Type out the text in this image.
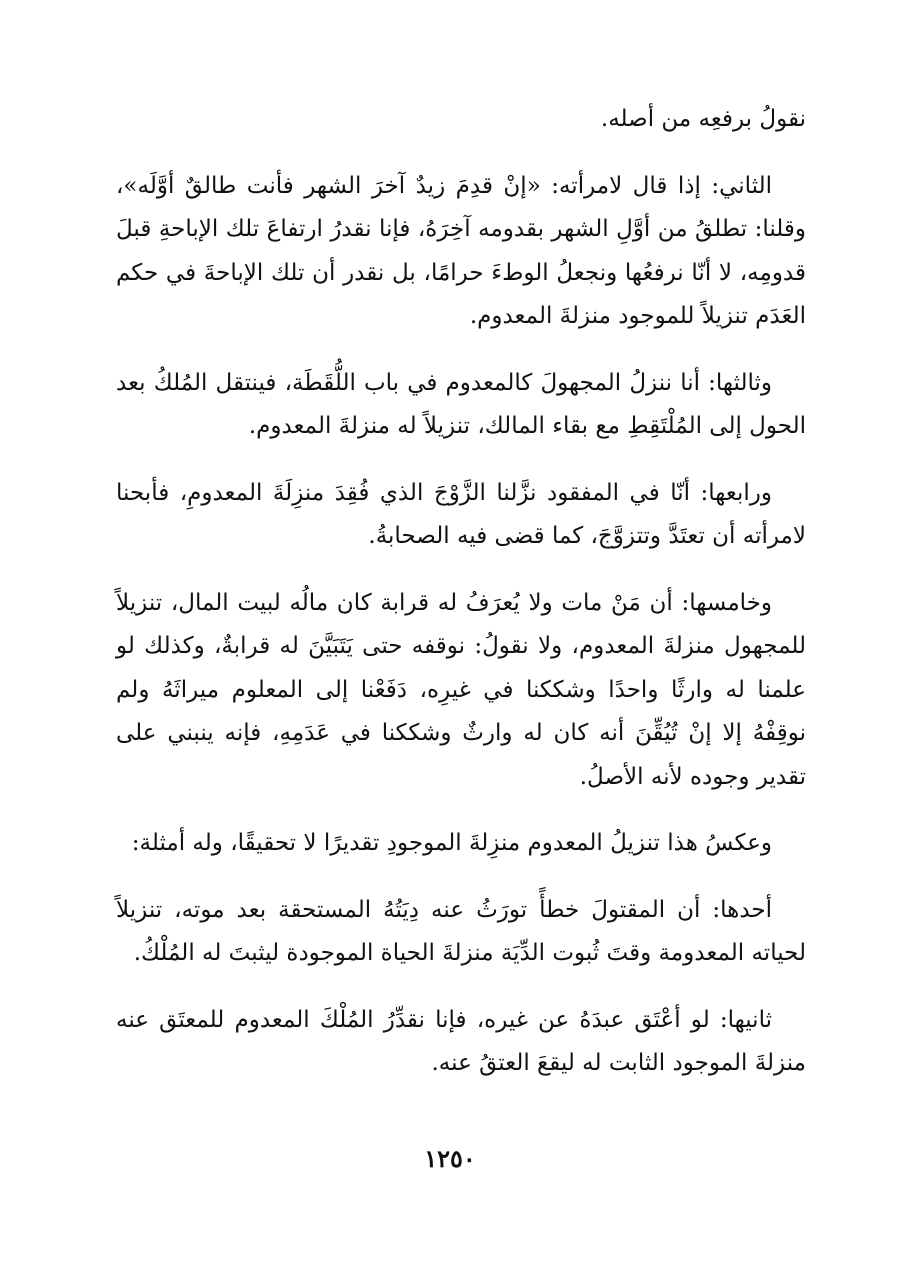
نقولُ برفعِه من أصله.

الثاني: إذا قال لامرأته: «إنْ قدِمَ زيدٌ آخرَ الشهر فأنت طالقٌ أوَّلَه»، وقلنا: تطلقُ من أوَّلِ الشهر بقدومه آخِرَهُ، فإنا نقدرُ ارتفاعَ تلك الإباحةِ قبلَ قدومِه، لا أنّا نرفعُها ونجعلُ الوطءَ حرامًا، بل نقدر أن تلك الإباحةَ في حكم العَدَم تنزيلاً للموجود منزلةَ المعدوم.

وثالثها: أنا ننزلُ المجهولَ كالمعدوم في باب اللُّقَطَة، فينتقل المُلكُ بعد الحول إلى المُلْتَقِطِ مع بقاء المالك، تنزيلاً له منزلةَ المعدوم.

ورابعها: أنّا في المفقود نزَّلنا الزَّوْجَ الذي فُقِدَ منزِلَةَ المعدومِ، فأبحنا لامرأته أن تعتَدَّ وتتزوَّجَ، كما قضى فيه الصحابةُ.

وخامسها: أن مَنْ مات ولا يُعرَفُ له قرابة كان مالُه لبيت المال، تنزيلاً للمجهول منزلةَ المعدوم، ولا نقولُ: نوقفه حتى يَتَبَيَّنَ له قرابةٌ، وكذلك لو علمنا له وارثًا واحدًا وشككنا في غيرِه، دَفَعْنا إلى المعلوم ميراثَهُ ولم نوقِفْهُ إلا إنْ تُيُقِّنَ أنه كان له وارثٌ وشككنا في عَدَمِهِ، فإنه ينبني على تقدير وجوده لأنه الأصلُ.

وعكسُ هذا تنزيلُ المعدوم منزِلةَ الموجودِ تقديرًا لا تحقيقًا، وله أمثلة:

أحدها: أن المقتولَ خطأً تورَثُ عنه دِيَتُهُ المستحقة بعد موته، تنزيلاً لحياته المعدومة وقتَ ثُبوت الدِّيَة منزلةَ الحياة الموجودة ليثبتَ له المُلْكُ.

ثانيها: لو أعْتَق عبدَهُ عن غيره، فإنا نقدِّرُ المُلْكَ المعدوم للمعتَق عنه منزلةَ الموجود الثابت له ليقعَ العتقُ عنه.

١٢٥٠
